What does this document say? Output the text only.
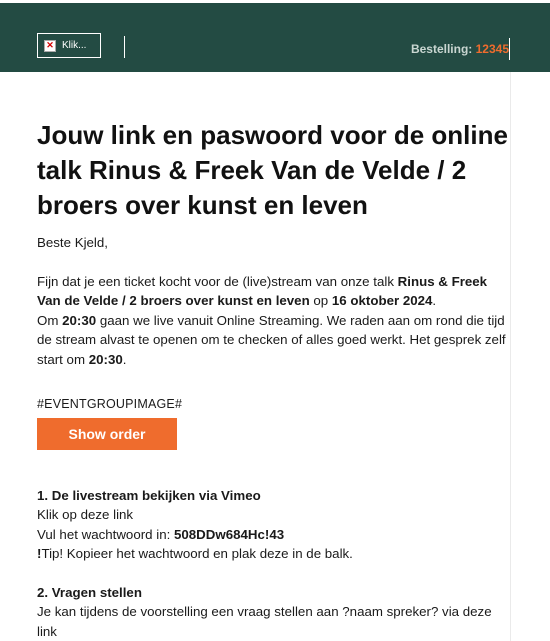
✕ Klik...	Bestelling: 12345
Jouw link en paswoord voor de online talk Rinus & Freek Van de Velde / 2 broers over kunst en leven

Beste Kjeld,

Fijn dat je een ticket kocht voor de (live)stream van onze talk Rinus & Freek Van de Velde / 2 broers over kunst en leven op 16 oktober 2024.
Om 20:30 gaan we live vanuit Online Streaming. We raden aan om rond die tijd de stream alvast te openen om te checken of alles goed werkt. Het gesprek zelf start om 20:30.

#EVENTGROUPIMAGE#

Show order

1. De livestream bekijken via Vimeo

Klik op deze link

Vul het wachtwoord in: 508DDw684Hc!43

!Tip! Kopieer het wachtwoord en plak deze in de balk.

2. Vragen stellen

Je kan tijdens de voorstelling een vraag stellen aan ?naam spreker? via deze link
